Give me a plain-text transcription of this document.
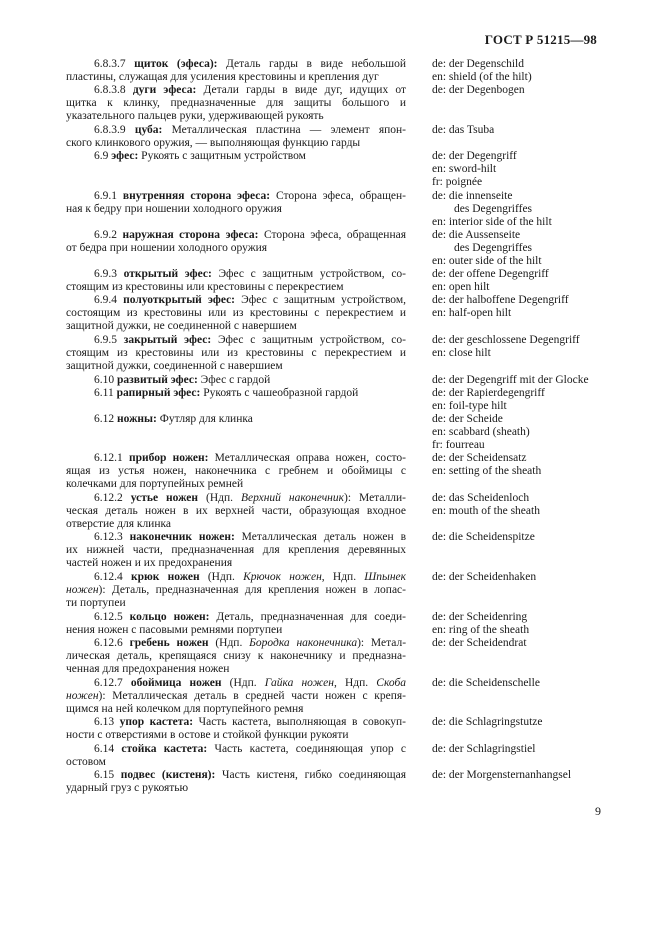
ГОСТ Р 51215—98
6.8.3.7 щиток (эфеса): Деталь гарды в виде небольшой
пластины, служащая для усиления крестовины и крепления дуг
de: der Degenschild
en: shield (of the hilt)
6.8.3.8 дуги эфеса: Детали гарды в виде дуг, идущих от
щитка к клинку, предназначенные для защиты большого и
указательного пальцев руки, удерживающей рукоять
de: der Degenbogen
6.8.3.9 цуба: Металлическая пластина — элемент япон-
ского клинкового оружия, — выполняющая функцию гарды
de: das Tsuba
6.9 эфес: Рукоять с защитным устройством	de: der Degengriff
en: sword-hilt
fr: poignée
6.9.1 внутренняя сторона эфеса: Сторона эфеса, обращен-
ная к бедру при ношении холодного оружия
de: die innenseite
des Degengriffes
en: interior side of the hilt
6.9.2 наружная сторона эфеса: Сторона эфеса, обращенная
от бедра при ношении холодного оружия
de: die Aussenseite
des Degengriffes
en: outer side of the hilt
6.9.3 открытый эфес: Эфес с защитным устройством, со-
стоящим из крестовины или крестовины с перекрестием
de: der offene Degengriff
en: open hilt
6.9.4 полуоткрытый эфес: Эфес с защитным устройством,
состоящим из крестовины или из крестовины с перекрестием и
защитной дужки, не соединенной с навершием
de: der halboffene Degengriff
en: half-open hilt
6.9.5 закрытый эфес: Эфес с защитным устройством, со-
стоящим из крестовины или из крестовины с перекрестием и
защитной дужки, соединенной с навершием
de: der geschlossene Degengriff
en: close hilt
6.10 развитый эфес: Эфес с гардой	de: der Degengriff mit der Glocke
6.11 рапирный эфес: Рукоять с чашеобразной гардой	de: der Rapierdegengriff
en: foil-type hilt
6.12 ножны: Футляр для клинка	de: der Scheide
en: scabbard (sheath)
fr: fourreau
6.12.1 прибор ножен: Металлическая оправа ножен, состо-
ящая из устья ножен, наконечника с гребнем и обоймицы с
колечками для портупейных ремней
de: der Scheidensatz
en: setting of the sheath
6.12.2 устье ножен (Ндп. Верхний наконечник): Металли-
ческая деталь ножен в их верхней части, образующая входное
отверстие для клинка
de: das Scheidenloch
en: mouth of the sheath
6.12.3 наконечник ножен: Металлическая деталь ножен в
их нижней части, предназначенная для крепления деревянных
частей ножен и их предохранения
de: die Scheidenspitze
6.12.4 крюк ножен (Ндп. Крючок ножен, Ндп. Шпынек
ножен): Деталь, предназначенная для крепления ножен в лопас-
ти портупеи
de: der Scheidenhaken
6.12.5 кольцо ножен: Деталь, предназначенная для соеди-
нения ножен с пасовыми ремнями портупеи
de: der Scheidenring
en: ring of the sheath
6.12.6 гребень ножен (Ндп. Бородка наконечника): Метал-
лическая деталь, крепящаяся снизу к наконечнику и предназна-
ченная для предохранения ножен
de: der Scheidendrat
6.12.7 обоймица ножен (Ндп. Гайка ножен, Ндп. Скоба
ножен): Металлическая деталь в средней части ножен с крепя-
щимся на ней колечком для портупейного ремня
de: die Scheidenschelle
6.13 упор кастета: Часть кастета, выполняющая в совокуп-
ности с отверстиями в остове и стойкой функции рукояти
de: die Schlagringstutze
6.14 стойка кастета: Часть кастета, соединяющая упор с
остовом
de: der Schlagringstiel
6.15 подвес (кистеня): Часть кистеня, гибко соединяющая
ударный груз с рукоятью
de: der Morgensternanhangsel
9
